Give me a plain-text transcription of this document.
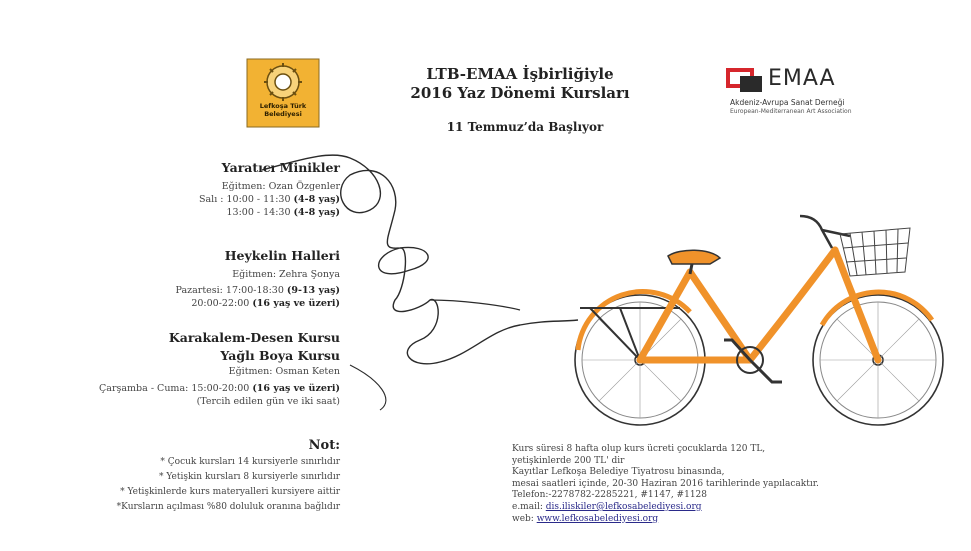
Lefkoşa Türk
Belediyesi
LTB-EMAA İşbirliğiyle
2016 Yaz Dönemi Kursları
11 Temmuz’da Başlıyor
EMAA
Akdeniz-Avrupa Sanat Derneği
European-Mediterranean Art Association
Yaratıcı Minikler
Eğitmen: Ozan Özgenler
Salı : 10:00 - 11:30 (4-8 yaş)
13:00 - 14:30 (4-8 yaş)
Heykelin Halleri
Eğitmen: Zehra Şonya
Pazartesi: 17:00-18:30 (9-13 yaş)
20:00-22:00 (16 yaş ve üzeri)
Karakalem-Desen Kursu
Yağlı Boya Kursu
Eğitmen: Osman Keten
Çarşamba - Cuma: 15:00-20:00 (16 yaş ve üzeri)
(Tercih edilen gün ve iki saat)
Not:
* Çocuk kursları 14 kursiyerle sınırlıdır
* Yetişkin kursları 8 kursiyerle sınırlıdır
* Yetişkinlerde kurs materyalleri kursiyere aittir
*Kursların açılması %80 doluluk oranına bağlıdır
Kurs süresi 8 hafta olup kurs ücreti çocuklarda 120 TL,
yetişkinlerde 200 TL' dir
Kayıtlar Lefkoşa Belediye Tiyatrosu binasında,
mesai saatleri içinde, 20-30 Haziran 2016 tarihlerinde yapılacaktır.
Telefon:-2278782-2285221, #1147, #1128
e.mail: dis.iliskiler@lefkosabelediyesi.org
web: www.lefkosabelediyesi.org
